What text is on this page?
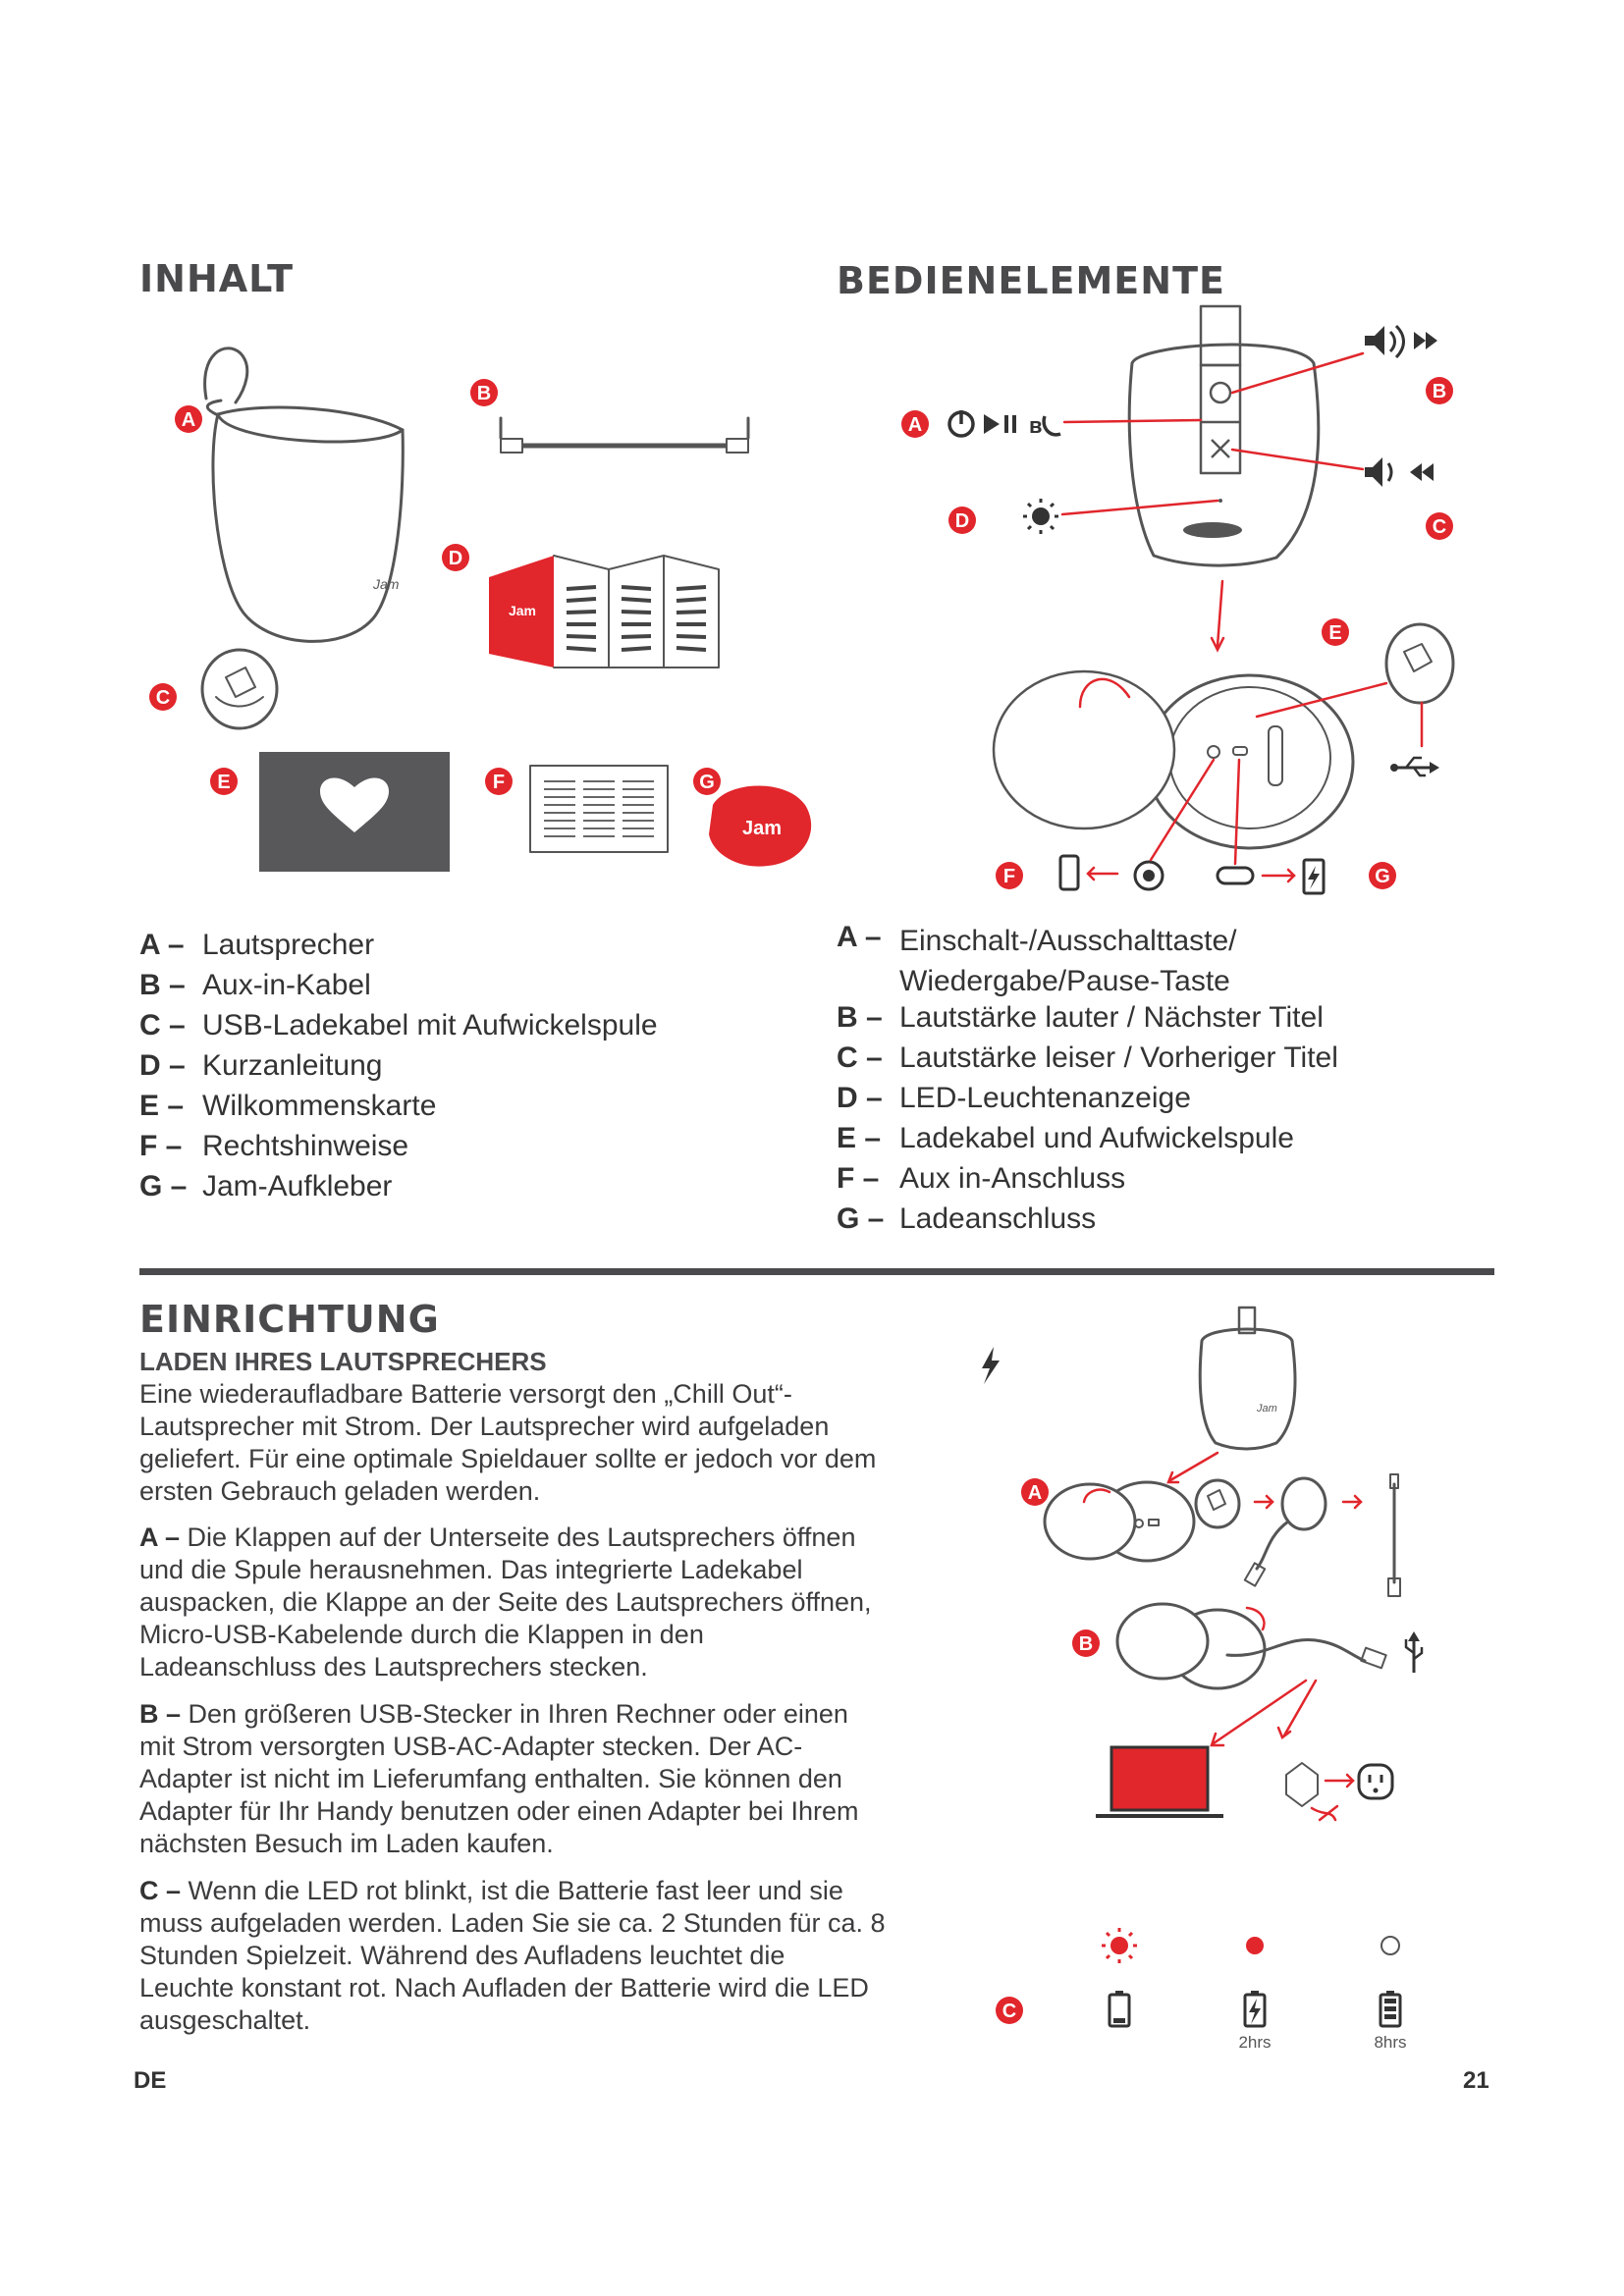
INHALT
Jam
A
B
D
Jam
C
E	F	G
Jam
A – Lautsprecher
B – Aux-in-Kabel
C – USB-Ladekabel mit Aufwickelspule
D – Kurzanleitung
E – Wilkommenskarte
F – Rechtshinweise
G – Jam-Aufkleber
BEDIENELEMENTE
ʙ
A
B
C
D
E
F	G
A – Einschalt-/Ausschalttaste/
Wiedergabe/Pause-Taste
B – Lautstärke lauter / Nächster Titel
C – Lautstärke leiser / Vorheriger Titel
D – LED-Leuchtenanzeige
E – Ladekabel und Aufwickelspule
F – Aux in-Anschluss
G – Ladeanschluss
EINRICHTUNG

LADEN IHRES LAUTSPRECHERS

Eine wiederaufladbare Batterie versorgt den „Chill Out“-Lautsprecher mit Strom. Der Lautsprecher wird aufgeladen geliefert. Für eine optimale Spieldauer sollte er jedoch vor dem ersten Gebrauch geladen werden.

A – Die Klappen auf der Unterseite des Lautsprechers öffnen und die Spule herausnehmen. Das integrierte Ladekabel auspacken, die Klappe an der Seite des Lautsprechers öffnen, Micro-USB-Kabelende durch die Klappen in den Ladeanschluss des Lautsprechers stecken.

B – Den größeren USB-Stecker in Ihren Rechner oder einen mit Strom versorgten USB-AC-Adapter stecken. Der AC-Adapter ist nicht im Lieferumfang enthalten. Sie können den Adapter für Ihr Handy benutzen oder einen Adapter bei Ihrem nächsten Besuch im Laden kaufen.

C – Wenn die LED rot blinkt, ist die Batterie fast leer und sie muss aufgeladen werden. Laden Sie sie ca. 2 Stunden für ca. 8 Stunden Spielzeit. Während des Aufladens leuchtet die Leuchte konstant rot. Nach Aufladen der Batterie wird die LED ausgeschaltet.

Jam
A
B
C
2hrs	8hrs
DE	21
